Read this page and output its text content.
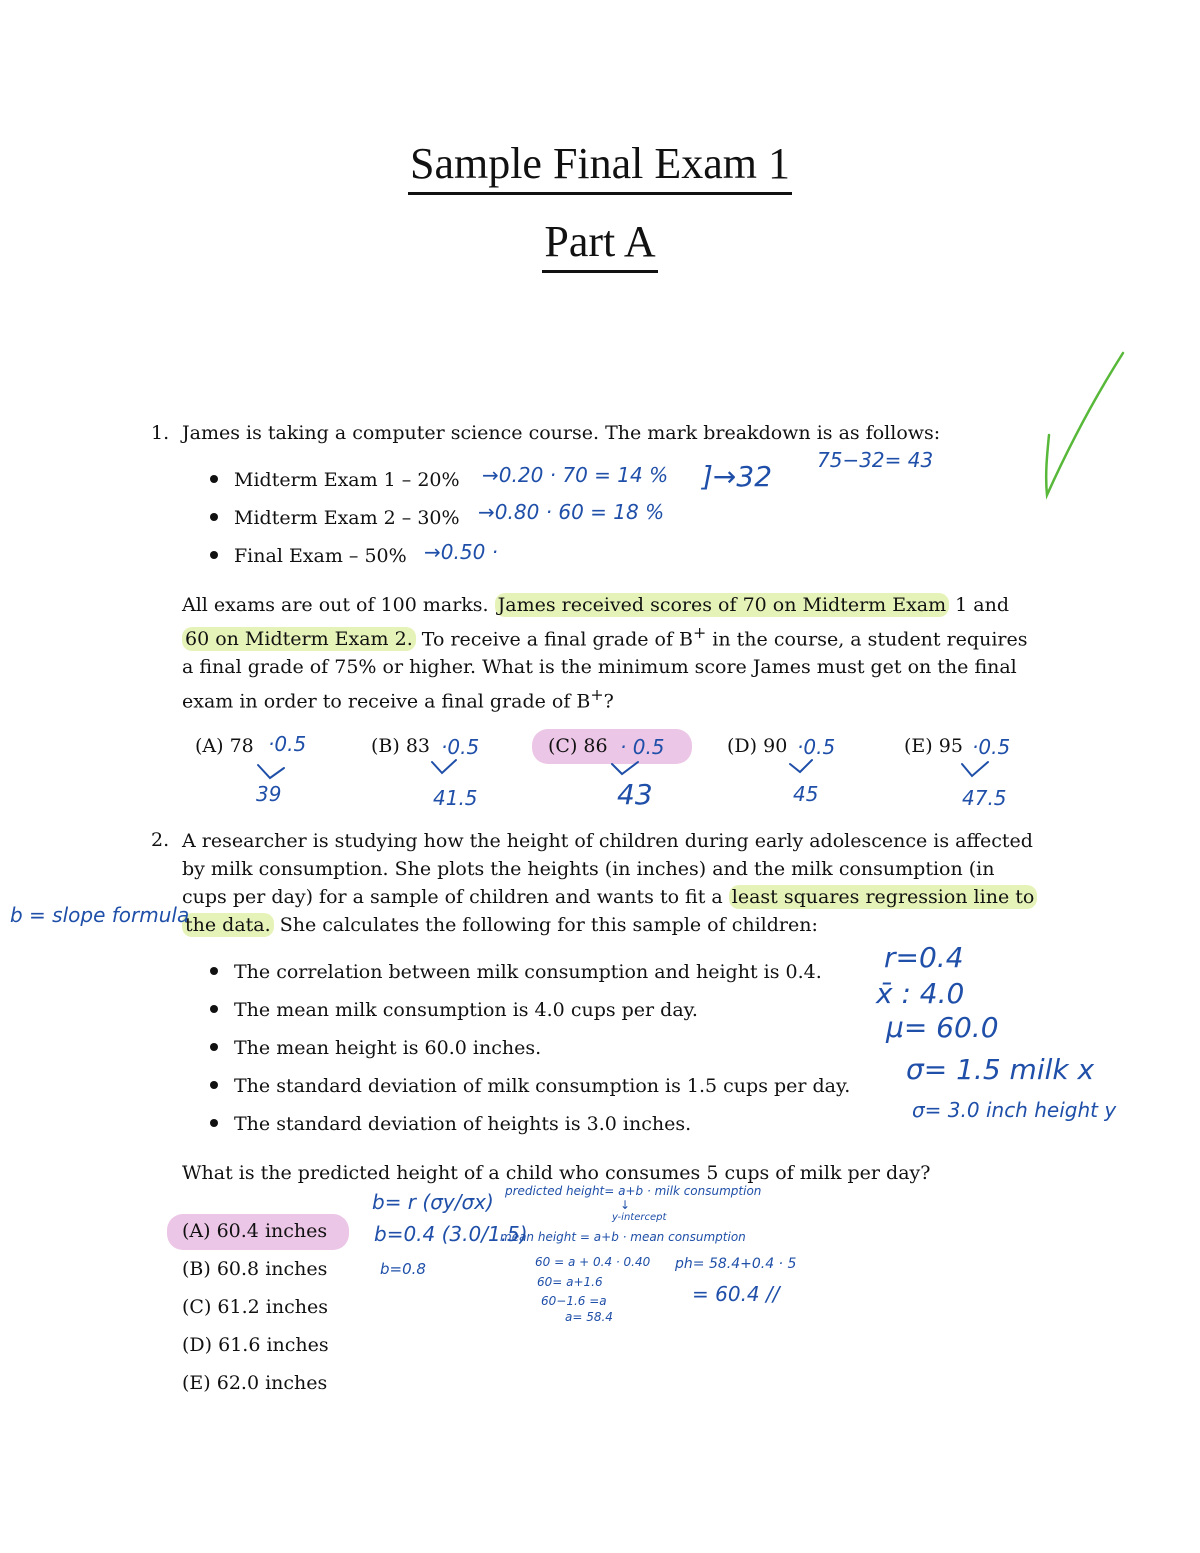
Sample Final Exam 1
Part A
1. James is taking a computer science course. The mark breakdown is as follows:
Midterm Exam 1 – 20%
Midterm Exam 2 – 30%
Final Exam – 50%
→0.20 · 70 = 14 %
→0.80 · 60 = 18 %
→0.50 ·
]→32 75−32= 43
All exams are out of 100 marks. James received scores of 70 on Midterm Exam 1 and
60 on Midterm Exam 2. To receive a final grade of B+ in the course, a student requires
a final grade of 75% or higher. What is the minimum score James must get on the final
exam in order to receive a final grade of B+?
(A) 78	(B) 83	(C) 86	(D) 90	(E) 95
·0.5	·0.5	· 0.5	·0.5	·0.5
39	41.5	43	45	47.5
2. A researcher is studying how the height of children during early adolescence is affected
by milk consumption. She plots the heights (in inches) and the milk consumption (in
cups per day) for a sample of children and wants to fit a least squares regression line to
the data. She calculates the following for this sample of children:
b = slope formula
The correlation between milk consumption and height is 0.4.
The mean milk consumption is 4.0 cups per day.
The mean height is 60.0 inches.
The standard deviation of milk consumption is 1.5 cups per day.
The standard deviation of heights is 3.0 inches.
r=0.4
x̄ : 4.0
μ= 60.0
σ= 1.5 milk x
σ= 3.0 inch height y
What is the predicted height of a child who consumes 5 cups of milk per day?
(A) 60.4 inches
(B) 60.8 inches
(C) 61.2 inches
(D) 61.6 inches
(E) 62.0 inches
b= r (σy/σx)
b=0.4 (3.0/1.5)
b=0.8
predicted height= a+b · milk consumption
↓
y-intercept
mean height = a+b · mean consumption
60 = a + 0.4 · 0.40
60= a+1.6
60−1.6 =a
a= 58.4
ph= 58.4+0.4 · 5
= 60.4 //
